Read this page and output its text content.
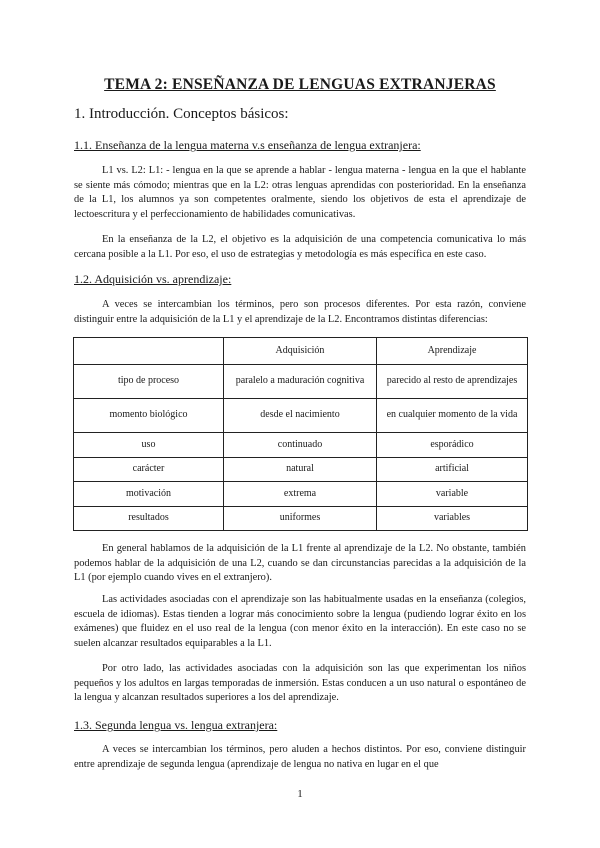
TEMA 2: ENSEÑANZA DE LENGUAS EXTRANJERAS
1. Introducción. Conceptos básicos:
1.1. Enseñanza de la lengua materna v.s enseñanza de lengua extranjera:

L1 vs. L2: L1: - lengua en la que se aprende a hablar - lengua materna - lengua en la que el hablante se siente más cómodo; mientras que en la L2: otras lenguas aprendidas con posterioridad. En la enseñanza de la L1, los alumnos ya son competentes oralmente, siendo los objetivos de esta el aprendizaje de lectoescritura y el perfeccionamiento de habilidades comunicativas.

En la enseñanza de la L2, el objetivo es la adquisición de una competencia comunicativa lo más cercana posible a la L1. Por eso, el uso de estrategias y metodología es más específica en este caso.

1.2. Adquisición vs. aprendizaje:

A veces se intercambian los términos, pero son procesos diferentes. Por esta razón, conviene distinguir entre la adquisición de la L1 y el aprendizaje de la L2. Encontramos distintas diferencias:

	Adquisición	Aprendizaje
tipo de proceso	paralelo a maduración cognitiva	parecido al resto de aprendizajes
momento biológico	desde el nacimiento	en cualquier momento de la vida
uso	continuado	esporádico
carácter	natural	artificial
motivación	extrema	variable
resultados	uniformes	variables

En general hablamos de la adquisición de la L1 frente al aprendizaje de la L2. No obstante, también podemos hablar de la adquisición de una L2, cuando se dan circunstancias parecidas a la adquisición de la L1 (por ejemplo cuando vives en el extranjero).

Las actividades asociadas con el aprendizaje son las habitualmente usadas en la enseñanza (colegios, escuela de idiomas). Estas tienden a lograr más conocimiento sobre la lengua (pudiendo lograr éxito en los exámenes) que fluidez en el uso real de la lengua (con menor éxito en la interacción). En este caso no se suelen alcanzar resultados equiparables a la L1.

Por otro lado, las actividades asociadas con la adquisición son las que experimentan los niños pequeños y los adultos en largas temporadas de inmersión. Estas conducen a un uso natural o espontáneo de la lengua y alcanzan resultados superiores a los del aprendizaje.

1.3. Segunda lengua vs. lengua extranjera:

A veces se intercambian los términos, pero aluden a hechos distintos. Por eso, conviene distinguir entre aprendizaje de segunda lengua (aprendizaje de lengua no nativa en lugar en el que

1
